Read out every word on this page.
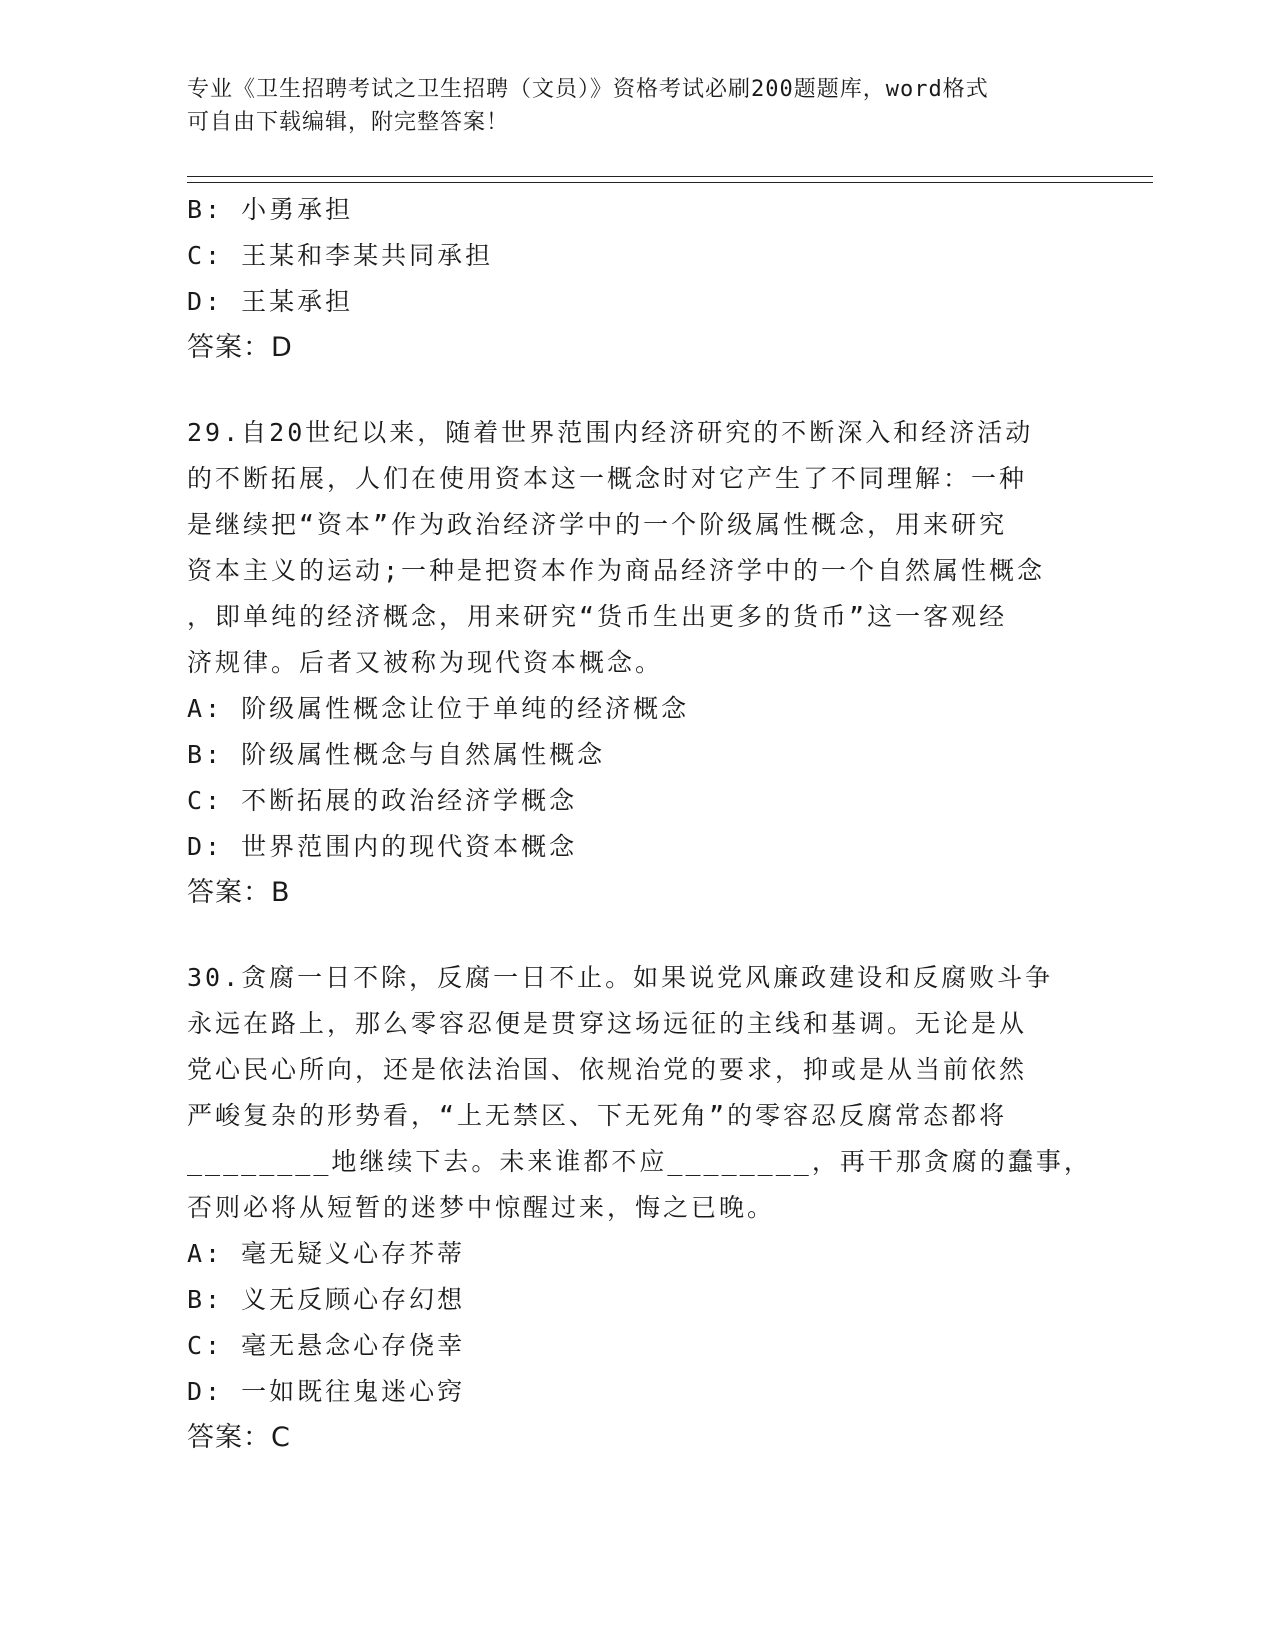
专业《卫生招聘考试之卫生招聘（文员）》资格考试必刷200题题库，word格式
可自由下载编辑，附完整答案！
B: 小勇承担
C: 王某和李某共同承担
D: 王某承担
答案：D
29.自20世纪以来，随着世界范围内经济研究的不断深入和经济活动
的不断拓展，人们在使用资本这一概念时对它产生了不同理解：一种
是继续把“资本”作为政治经济学中的一个阶级属性概念，用来研究
资本主义的运动;一种是把资本作为商品经济学中的一个自然属性概念
，即单纯的经济概念，用来研究“货币生出更多的货币”这一客观经
济规律。后者又被称为现代资本概念。
A: 阶级属性概念让位于单纯的经济概念
B: 阶级属性概念与自然属性概念
C: 不断拓展的政治经济学概念
D: 世界范围内的现代资本概念
答案：B
30.贪腐一日不除，反腐一日不止。如果说党风廉政建设和反腐败斗争
永远在路上，那么零容忍便是贯穿这场远征的主线和基调。无论是从
党心民心所向，还是依法治国、依规治党的要求，抑或是从当前依然
严峻复杂的形势看，“上无禁区、下无死角”的零容忍反腐常态都将
________地继续下去。未来谁都不应________，再干那贪腐的蠢事，
否则必将从短暂的迷梦中惊醒过来，悔之已晚。
A: 毫无疑义心存芥蒂
B: 义无反顾心存幻想
C: 毫无悬念心存侥幸
D: 一如既往鬼迷心窍
答案：C
